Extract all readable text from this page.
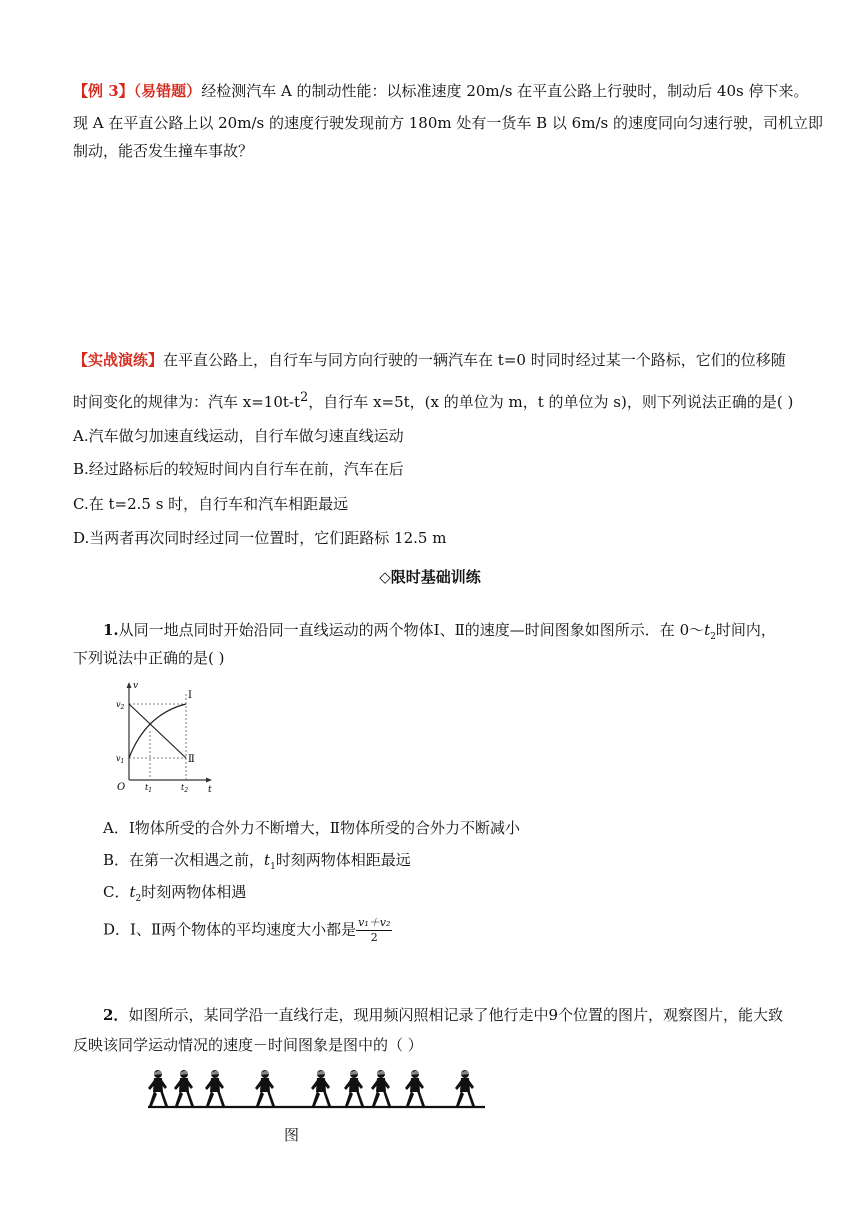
【例 3】（易错题）经检测汽车 A 的制动性能：以标准速度 20m/s 在平直公路上行驶时，制动后 40s 停下来。
现 A 在平直公路上以 20m/s 的速度行驶发现前方 180m 处有一货车 B 以 6m/s 的速度同向匀速行驶，司机立即
制动，能否发生撞车事故？
【实战演练】在平直公路上，自行车与同方向行驶的一辆汽车在 t=0 时同时经过某一个路标，它们的位移随
时间变化的规律为：汽车 $x=10t-t^2$，自行车 x=5t，(x 的单位为 m，t 的单位为 s)，则下列说法正确的是( )
A.汽车做匀加速直线运动，自行车做匀速直线运动
B.经过路标后的较短时间内自行车在前，汽车在后
C.在 t=2.5 s 时，自行车和汽车相距最远
D.当两者再次同时经过同一位置时，它们距路标 12.5 m
◇限时基础训练
1.从同一地点同时开始沿同一直线运动的两个物体Ⅰ、Ⅱ的速度—时间图象如图所示．在 $0\sim t_2$时间内，
下列说法中正确的是( )
v
t
O
$v_2$
$v_1$
$t_1$	$t_2$
Ⅰ
Ⅱ
A．Ⅰ物体所受的合外力不断增大，Ⅱ物体所受的合外力不断减小
B．在第一次相遇之前，$t_1$时刻两物体相距最远
C．$t_2$时刻两物体相遇
D．Ⅰ、Ⅱ两个物体的平均速度大小都是 $\frac{\text{v₁＋v₂}}{2}$
2．如图所示，某同学沿一直线行走，现用频闪照相记录了他行走中9个位置的图片，观察图片，能大致
反映该同学运动情况的速度－时间图象是图中的（ ）
图
